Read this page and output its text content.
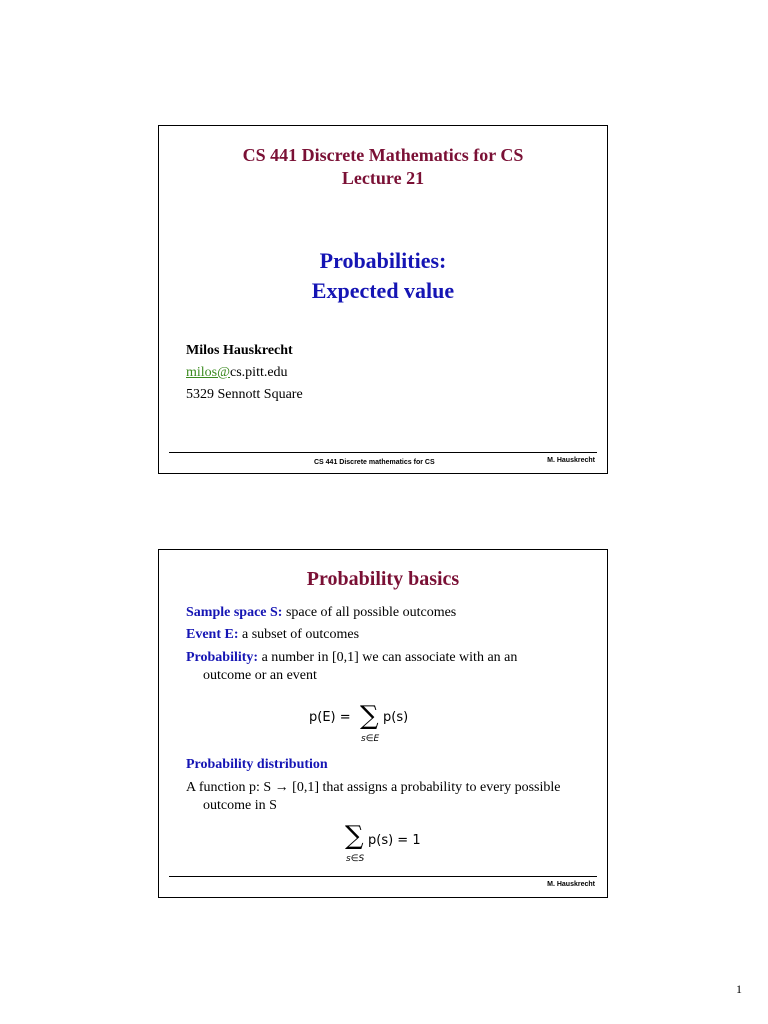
CS 441 Discrete Mathematics for CS
Lecture 21
Probabilities:
Expected value
Milos Hauskrecht
milos@cs.pitt.edu
5329 Sennott Square
CS 441 Discrete mathematics for CS	M. Hauskrecht
Probability basics
Sample space S: space of all possible outcomes
Event E: a subset of outcomes
Probability: a number in [0,1] we can associate with an an
outcome or an event
p(E) = ∑
s∈E
p(s)
Probability distribution
A function p: S → [0,1] that assigns a probability to every possible
outcome in S
∑
s∈S
p(s) = 1
M. Hauskrecht
1
